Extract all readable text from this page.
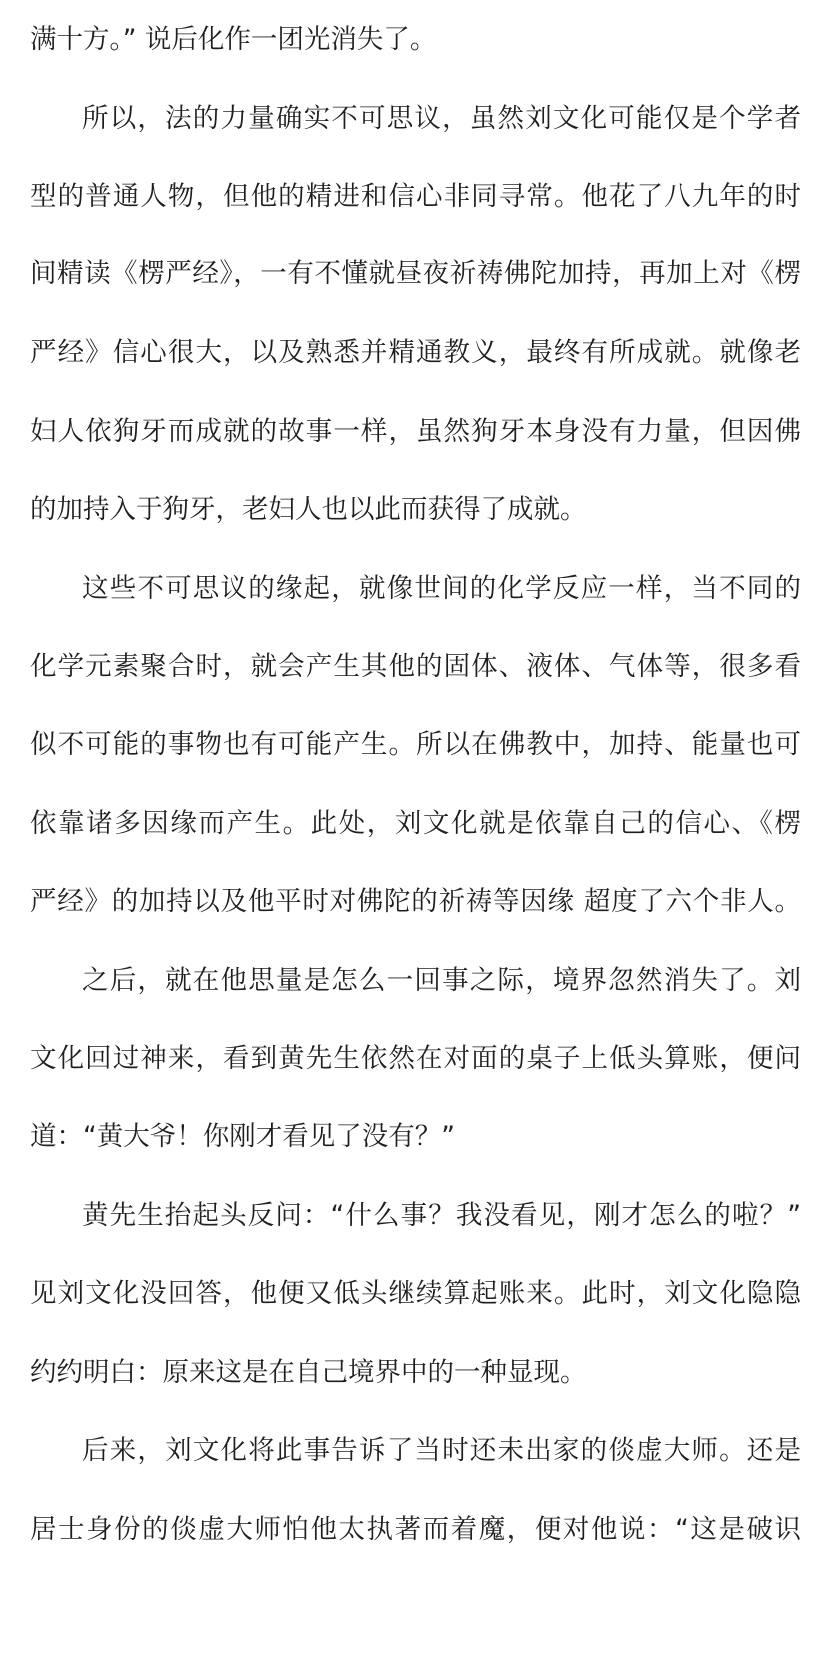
满十方。” 说后化作一团光消失了。
所以，法的力量确实不可思议，虽然刘文化可能仅是个学者
型的普通人物，但他的精进和信心非同寻常。他花了八九年的时
间精读《楞严经》，一有不懂就昼夜祈祷佛陀加持，再加上对《楞
严经》信心很大，以及熟悉并精通教义，最终有所成就。就像老
妇人依狗牙而成就的故事一样，虽然狗牙本身没有力量，但因佛
的加持入于狗牙，老妇人也以此而获得了成就。
这些不可思议的缘起，就像世间的化学反应一样，当不同的
化学元素聚合时，就会产生其他的固体、液体、气体等，很多看
似不可能的事物也有可能产生。所以在佛教中，加持、能量也可
依靠诸多因缘而产生。此处，刘文化就是依靠自己的信心、《楞
严经》的加持以及他平时对佛陀的祈祷等因缘 超度了六个非人。
之后，就在他思量是怎么一回事之际，境界忽然消失了。刘
文化回过神来，看到黄先生依然在对面的桌子上低头算账，便问
道：“黄大爷！你刚才看见了没有？”
黄先生抬起头反问：“什么事？我没看见，刚才怎么的啦？”
见刘文化没回答，他便又低头继续算起账来。此时，刘文化隐隐
约约明白：原来这是在自己境界中的一种显现。
后来，刘文化将此事告诉了当时还未出家的倓虚大师。还是
居士身份的倓虚大师怕他太执著而着魔，便对他说：“这是破识
